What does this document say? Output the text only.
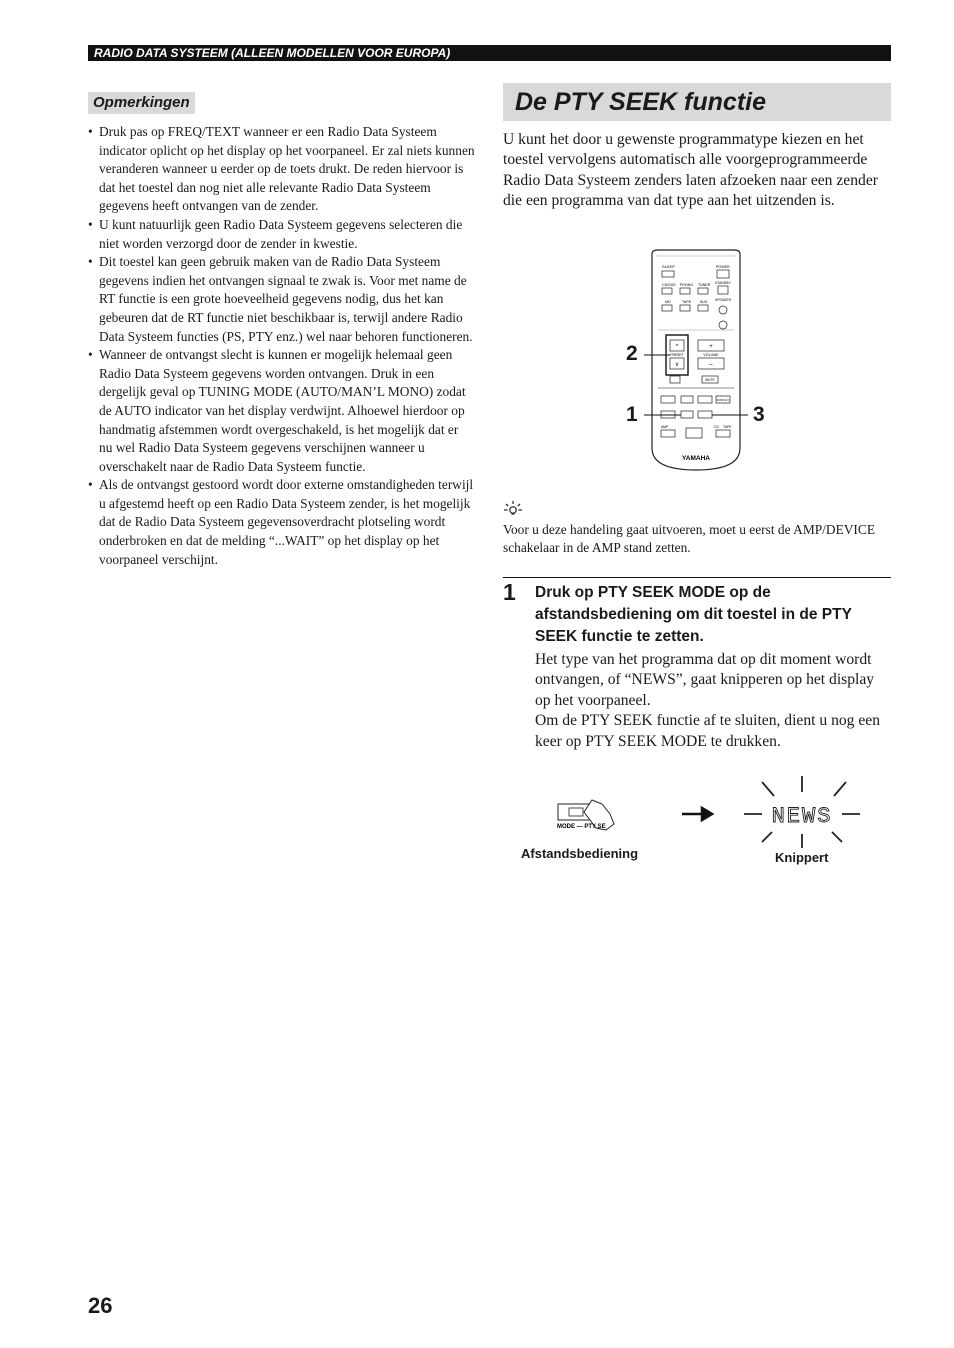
RADIO DATA SYSTEEM (ALLEEN MODELLEN VOOR EUROPA)
Opmerkingen
• Druk pas op FREQ/TEXT wanneer er een Radio Data Systeem indicator oplicht op het display op het voorpaneel. Er zal niets kunnen veranderen wanneer u eerder op de toets drukt. De reden hiervoor is dat het toestel dan nog niet alle relevante Radio Data Systeem gegevens heeft ontvangen van de zender.
• U kunt natuurlijk geen Radio Data Systeem gegevens selecteren die niet worden verzorgd door de zender in kwestie.
• Dit toestel kan geen gebruik maken van de Radio Data Systeem gegevens indien het ontvangen signaal te zwak is. Voor met name de RT functie is een grote hoeveelheid gegevens nodig, dus het kan gebeuren dat de RT functie niet beschikbaar is, terwijl andere Radio Data Systeem functies (PS, PTY enz.) wel naar behoren functioneren.
• Wanneer de ontvangst slecht is kunnen er mogelijk helemaal geen Radio Data Systeem gegevens worden ontvangen. Druk in een dergelijk geval op TUNING MODE (AUTO/MAN’L MONO) zodat de AUTO indicator van het display verdwijnt. Alhoewel hierdoor op handmatig afstemmen wordt overgeschakeld, is het mogelijk dat er nu wel Radio Data Systeem gegevens verschijnen wanneer u overschakelt naar de Radio Data Systeem functie.
• Als de ontvangst gestoord wordt door externe omstandigheden terwijl u afgestemd heeft op een Radio Data Systeem zender, is het mogelijk dat de Radio Data Systeem gegevensoverdracht plotseling wordt onderbroken en dat de melding “...WAIT” op het display op het voorpaneel verschijnt.
De PTY SEEK functie

U kunt het door u gewenste programmatype kiezen en het toestel vervolgens automatisch alle voorgeprogrammeerde Radio Data Systeem zenders laten afzoeken naar een zender die een programma van dat type aan het uitzenden is.

SLEEP	POWER
CD/DVD PHONO TUNER STANDBY
MD	TAPE AUX SPEAKER
^
PRESET
v
+
VOLUME
–
MUTE
DISPLAY
AMP	CD TAPE
YAMAHA
2
1	3

Voor u deze handeling gaat uitvoeren, moet u eerst de AMP/DEVICE schakelaar in de AMP stand zetten.

1 Druk op PTY SEEK MODE op de afstandsbediening om dit toestel in de PTY SEEK functie te zetten.

Het type van het programma dat op dit moment wordt ontvangen, of “NEWS”, gaat knipperen op het display op het voorpaneel.
Om de PTY SEEK functie af te sluiten, dient u nog een keer op PTY SEEK MODE te drukken.
MODE — PTY SE	NEWS
Afstandsbediening	Knippert
26
